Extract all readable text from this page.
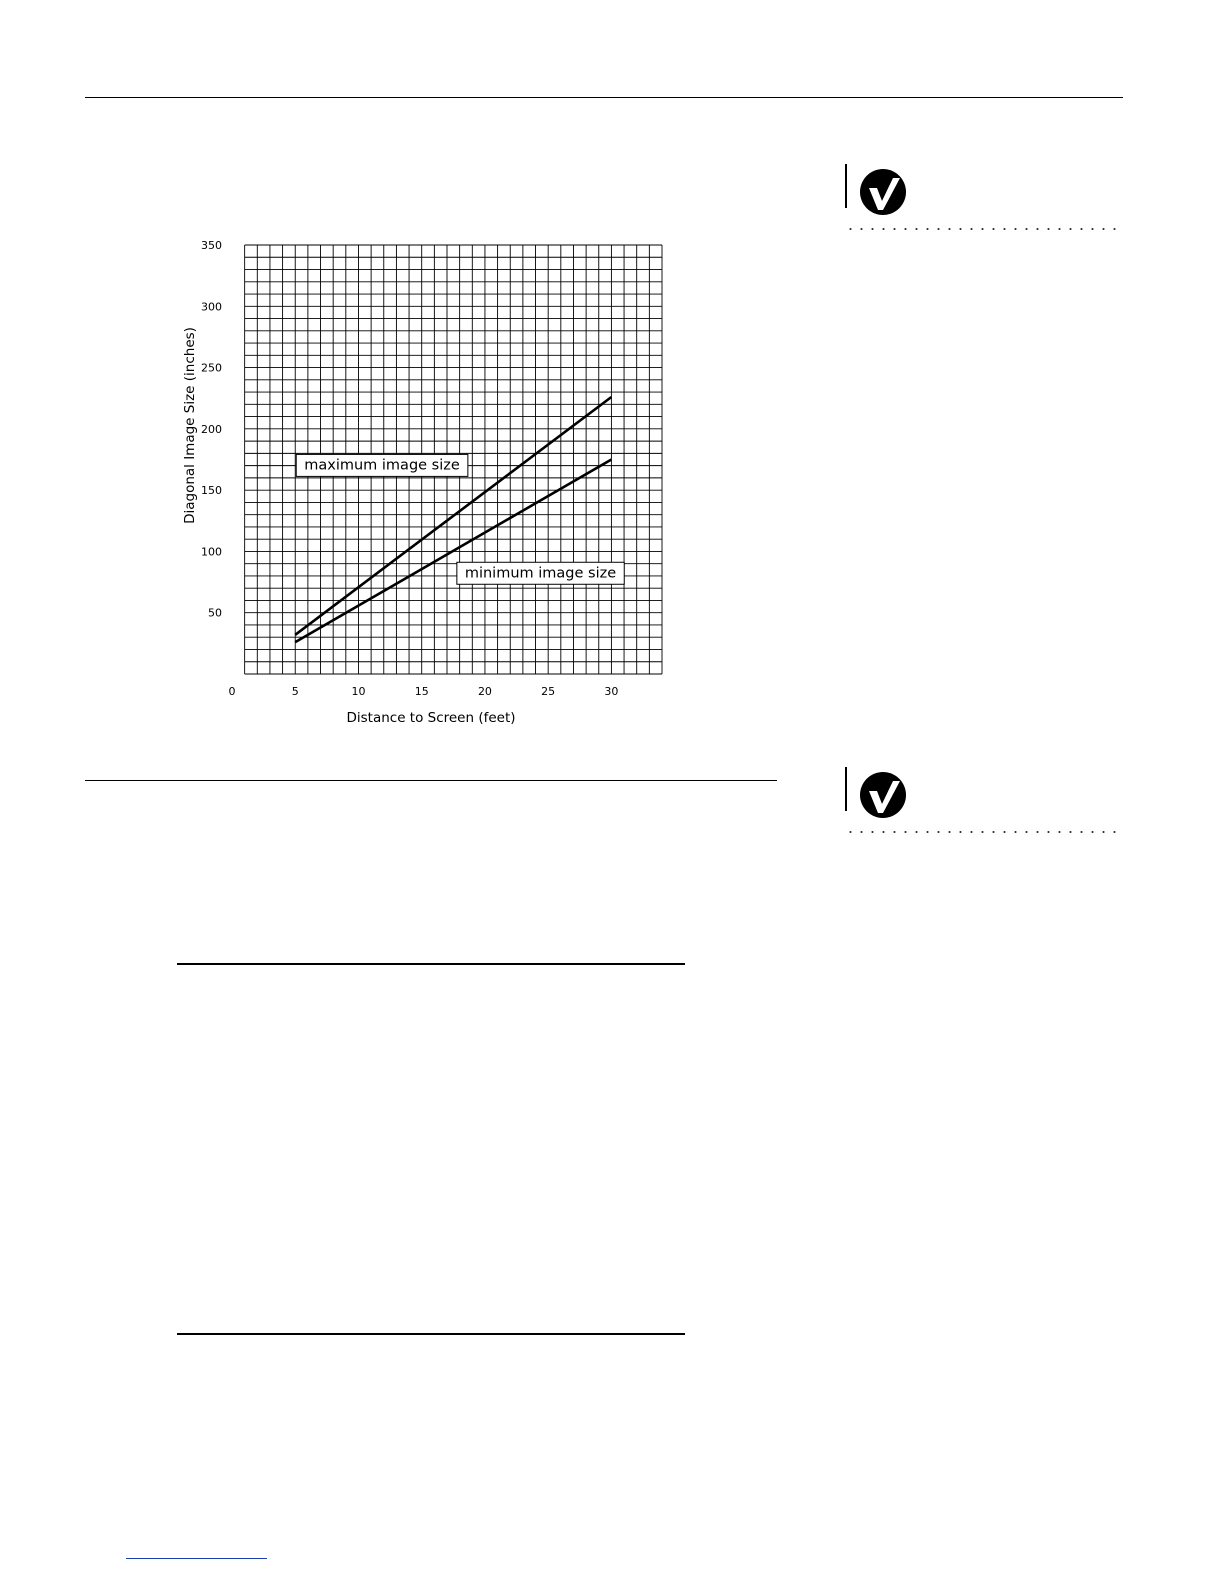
0	5	10	15	20	25	30
50
100
150
200
250
300
350
maximum image size
minimum image size
Distance to Screen (feet)
Diagonal Image Size (inches)
